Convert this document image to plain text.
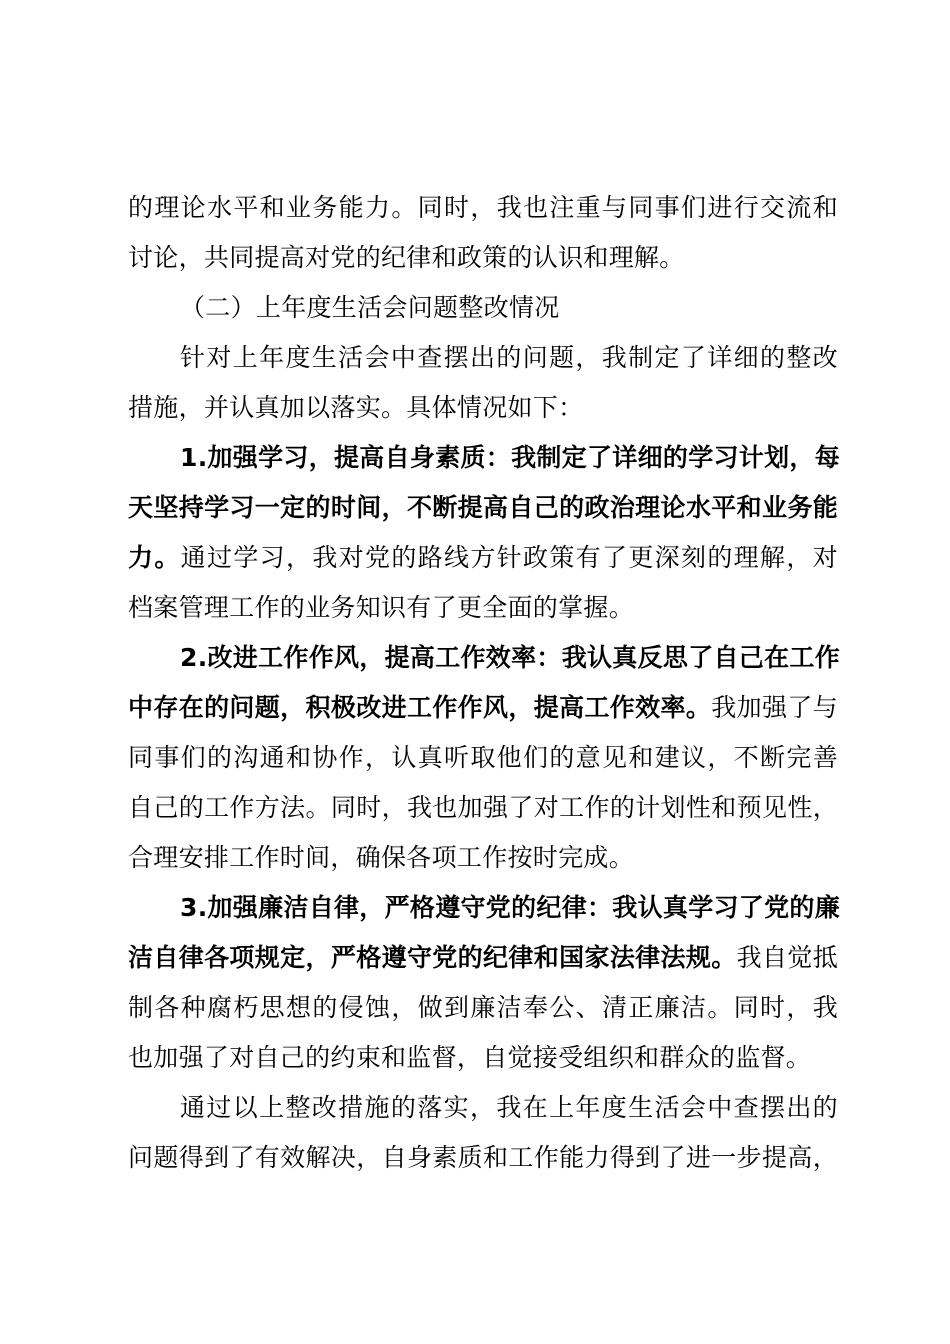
的理论水平和业务能力。同时，我也注重与同事们进行交流和
讨论，共同提高对党的纪律和政策的认识和理解。
（二）上年度生活会问题整改情况
针对上年度生活会中查摆出的问题，我制定了详细的整改
措施，并认真加以落实。具体情况如下：
1.加强学习，提高自身素质：我制定了详细的学习计划，每
天坚持学习一定的时间，不断提高自己的政治理论水平和业务能
力。通过学习，我对党的路线方针政策有了更深刻的理解，对
档案管理工作的业务知识有了更全面的掌握。
2.改进工作作风，提高工作效率：我认真反思了自己在工作
中存在的问题，积极改进工作作风，提高工作效率。我加强了与
同事们的沟通和协作，认真听取他们的意见和建议，不断完善
自己的工作方法。同时，我也加强了对工作的计划性和预见性，
合理安排工作时间，确保各项工作按时完成。
3.加强廉洁自律，严格遵守党的纪律：我认真学习了党的廉
洁自律各项规定，严格遵守党的纪律和国家法律法规。我自觉抵
制各种腐朽思想的侵蚀，做到廉洁奉公、清正廉洁。同时，我
也加强了对自己的约束和监督，自觉接受组织和群众的监督。
通过以上整改措施的落实，我在上年度生活会中查摆出的
问题得到了有效解决，自身素质和工作能力得到了进一步提高，
